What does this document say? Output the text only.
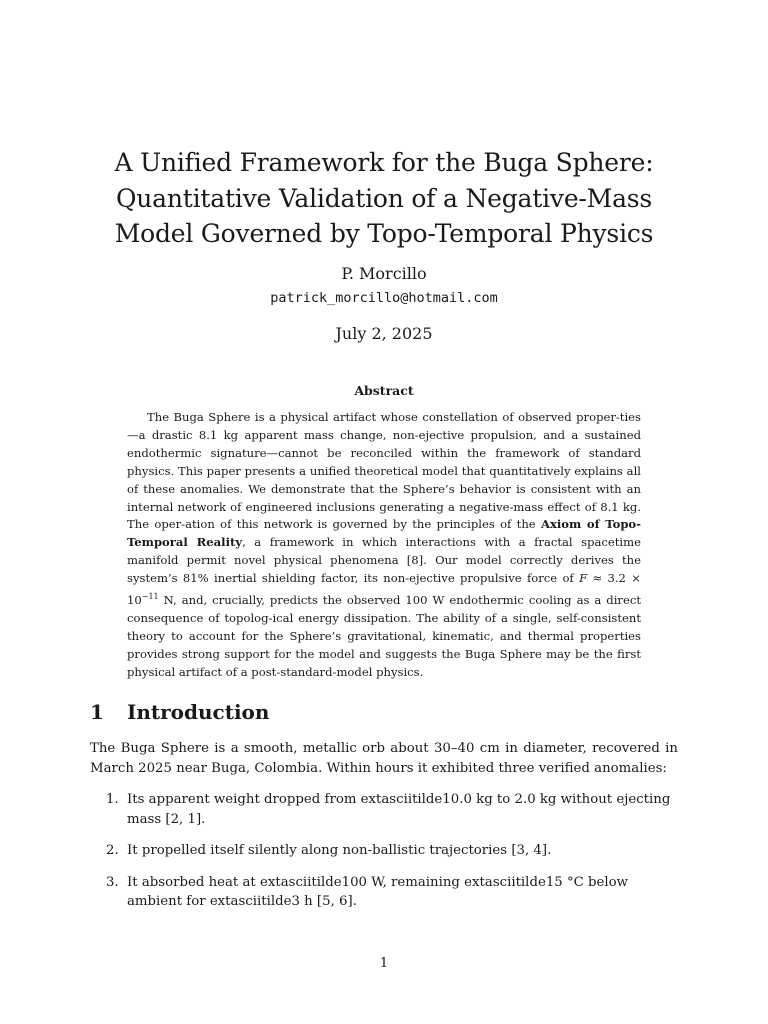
A Unified Framework for the Buga Sphere:
Quantitative Validation of a Negative-Mass
Model Governed by Topo-Temporal Physics
P. Morcillo
patrick_morcillo@hotmail.com
July 2, 2025
Abstract

The Buga Sphere is a physical artifact whose constellation of observed proper-ties—a drastic 8.1 kg apparent mass change, non-ejective propulsion, and a sustained endothermic signature—cannot be reconciled within the framework of standard physics. This paper presents a unified theoretical model that quantitatively explains all of these anomalies. We demonstrate that the Sphere’s behavior is consistent with an internal network of engineered inclusions generating a negative-mass effect of 8.1 kg. The oper-ation of this network is governed by the principles of the Axiom of Topo-Temporal Reality, a framework in which interactions with a fractal spacetime manifold permit novel physical phenomena [8]. Our model correctly derives the system’s 81% inertial shielding factor, its non-ejective propulsive force of $F \approx 3.2 \times 10^{-11}$ N, and, crucially, predicts the observed 100 W endothermic cooling as a direct consequence of topolog-ical energy dissipation. The ability of a single, self-consistent theory to account for the Sphere’s gravitational, kinematic, and thermal properties provides strong support for the model and suggests the Buga Sphere may be the first physical artifact of a post-standard-model physics.

1 Introduction

The Buga Sphere is a smooth, metallic orb about 30–40 cm in diameter, recovered in March 2025 near Buga, Colombia. Within hours it exhibited three verified anomalies:

1. Its apparent weight dropped from extasciitilde10.0 kg to 2.0 kg without ejecting mass [2, 1].
2. It propelled itself silently along non-ballistic trajectories [3, 4].
3. It absorbed heat at extasciitilde100 W, remaining extasciitilde15 °C below ambient for extasciitilde3 h [5, 6].
1
